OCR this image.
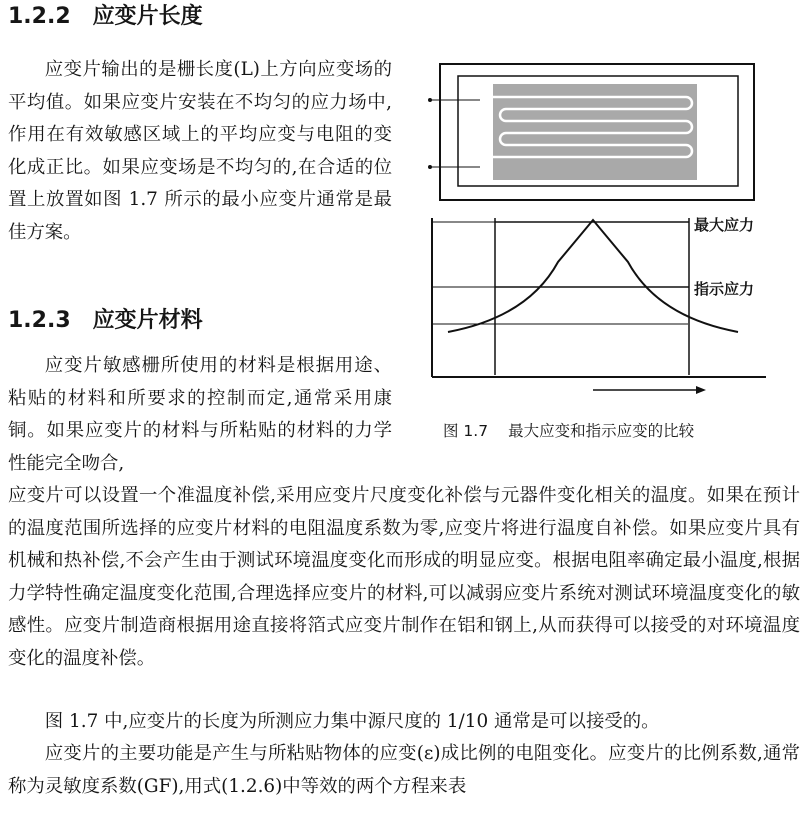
1.2.2 应变片长度

应变片输出的是栅长度(L)上方向应变场的平均值。如果应变片安装在不均匀的应力场中,作用在有效敏感区域上的平均应变与电阻的变化成正比。如果应变场是不均匀的,在合适的位置上放置如图 1.7 所示的最小应变片通常是最佳方案。

1.2.3 应变片材料

应变片敏感栅所使用的材料是根据用途、粘贴的材料和所要求的控制而定,通常采用康铜。如果应变片的材料与所粘贴的材料的力学性能完全吻合,

应变片可以设置一个准温度补偿,采用应变片尺度变化补偿与元器件变化相关的温度。如果在预计的温度范围所选择的应变片材料的电阻温度系数为零,应变片将进行温度自补偿。如果应变片具有机械和热补偿,不会产生由于测试环境温度变化而形成的明显应变。根据电阻率确定最小温度,根据力学特性确定温度变化范围,合理选择应变片的材料,可以减弱应变片系统对测试环境温度变化的敏感性。应变片制造商根据用途直接将箔式应变片制作在铝和钢上,从而获得可以接受的对环境温度变化的温度补偿。

图 1.7 中,应变片的长度为所测应力集中源尺度的 1/10 通常是可以接受的。

应变片的主要功能是产生与所粘贴物体的应变(ε)成比例的电阻变化。应变片的比例系数,通常称为灵敏度系数(GF),用式(1.2.6)中等效的两个方程来表

最大应力
指示应力
图 1.7 最大应变和指示应变的比较
